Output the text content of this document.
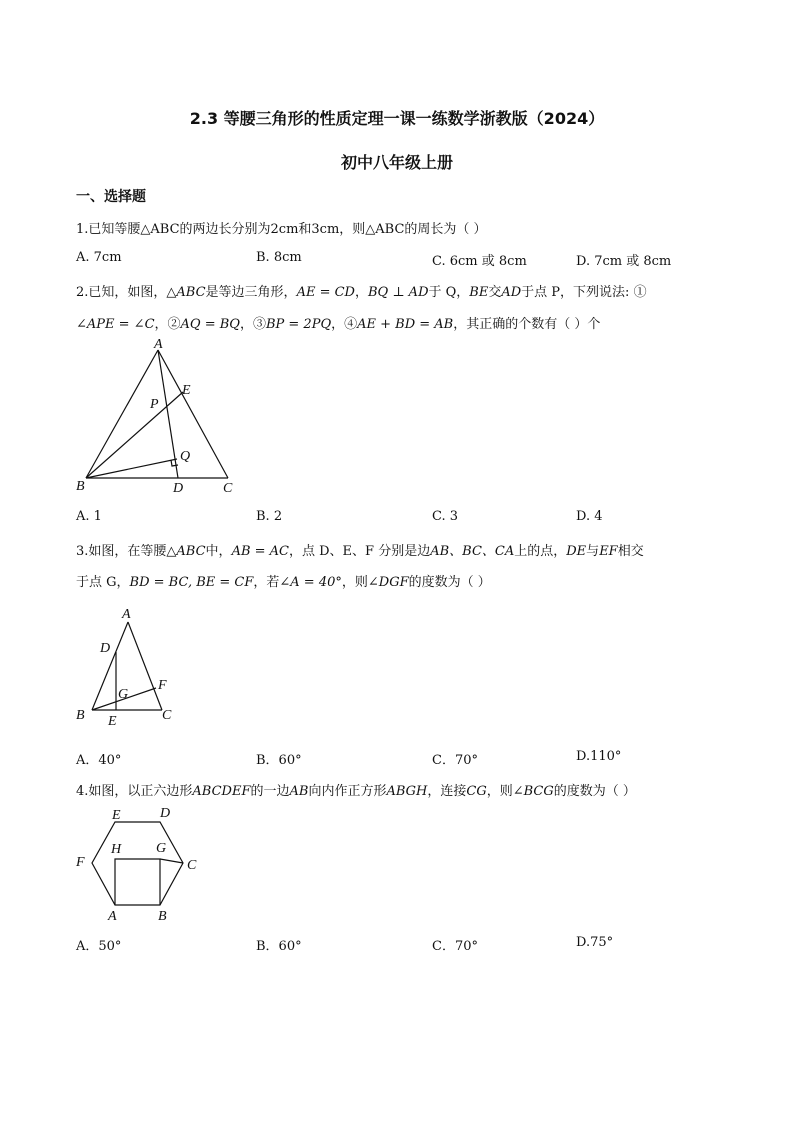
2.3 等腰三角形的性质定理一课一练数学浙教版（2024）
初中八年级上册
一、选择题
1.已知等腰△ABC的两边长分别为2cm和3cm，则△ABC的周长为（ ）
A. 7cm	B. 8cm	C. 6cm 或 8cm	D. 7cm 或 8cm
2.已知，如图，△ABC是等边三角形，AE = CD，BQ ⊥ AD于 Q，BE交AD于点 P，下列说法: ①
∠APE = ∠C，②AQ = BQ，③BP = 2PQ，④AE + BD = AB，其正确的个数有（ ）个
A
B	C
D
E
P
Q
A. 1	B. 2	C. 3	D. 4
3.如图，在等腰△ABC中，AB = AC，点 D、E、F 分别是边AB、BC、CA上的点，DE与EF相交
于点 G，BD = BC, BE = CF，若∠A = 40°，则∠DGF的度数为（ ）
A
D
G
F
B E	C
A．40°	B．60°	C．70°	D.110°
4.如图，以正六边形ABCDEF的一边AB向内作正方形ABGH，连接CG，则∠BCG的度数为（ ）
E	D
H G
F	C
A	B
A．50°	B．60°	C．70°	D.75°
